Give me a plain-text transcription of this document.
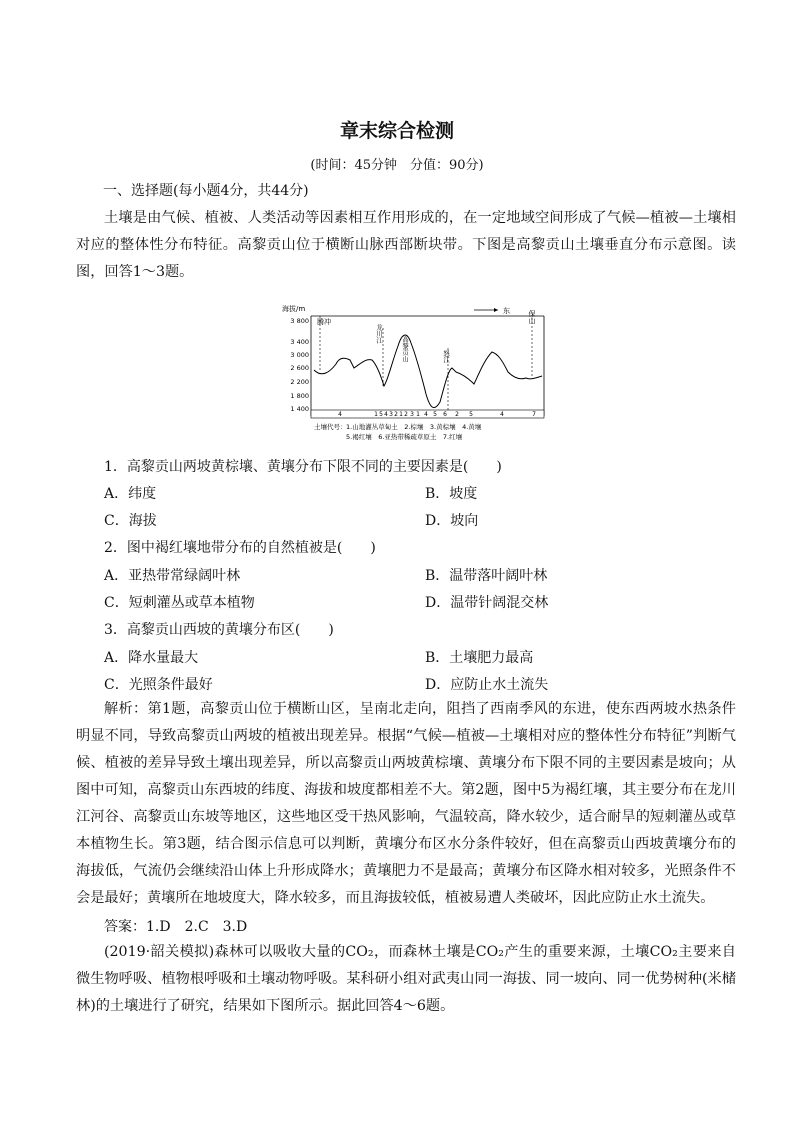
章末综合检测
(时间：45分钟　分值：90分)
一、选择题(每小题4分，共44分)
土壤是由气候、植被、人类活动等因素相互作用形成的，在一定地域空间形成了气候—植被—土壤相对应的整体性分布特征。高黎贡山位于横断山脉西部断块带。下图是高黎贡山土壤垂直分布示意图。读图，回答1～3题。
海拔/m
3 800
3 400
3 000
2 600
2 200
1 800
1 400
东
腾冲
龙川江
高黎贡山	怒江
保山
4	1 5 4 3 2 1 2 3 1 4 5 6 2 5	4	7
土壤代号： 1.山地灌丛草甸土　2.棕壤　3.黄棕壤　4.黄壤
5.褐红壤　6.亚热带稀疏草原土　7.红壤
1．高黎贡山两坡黄棕壤、黄壤分布下限不同的主要因素是(　　)
A．纬度	B．坡度
C．海拔	D．坡向
2．图中褐红壤地带分布的自然植被是(　　)
A．亚热带常绿阔叶林	B．温带落叶阔叶林
C．短刺灌丛或草本植物	D．温带针阔混交林
3．高黎贡山西坡的黄壤分布区(　　)
A．降水量最大	B．土壤肥力最高
C．光照条件最好	D．应防止水土流失
解析：第1题，高黎贡山位于横断山区，呈南北走向，阻挡了西南季风的东进，使东西两坡水热条件明显不同，导致高黎贡山两坡的植被出现差异。根据“气候—植被—土壤相对应的整体性分布特征”判断气候、植被的差异导致土壤出现差异，所以高黎贡山两坡黄棕壤、黄壤分布下限不同的主要因素是坡向；从图中可知，高黎贡山东西坡的纬度、海拔和坡度都相差不大。第2题，图中5为褐红壤，其主要分布在龙川江河谷、高黎贡山东坡等地区，这些地区受干热风影响，气温较高，降水较少，适合耐旱的短刺灌丛或草本植物生长。第3题，结合图示信息可以判断，黄壤分布区水分条件较好，但在高黎贡山西坡黄壤分布的海拔低，气流仍会继续沿山体上升形成降水；黄壤肥力不是最高；黄壤分布区降水相对较多，光照条件不会是最好；黄壤所在地坡度大，降水较多，而且海拔较低，植被易遭人类破坏，因此应防止水土流失。
答案：1.D　2.C　3.D
(2019·韶关模拟)森林可以吸收大量的CO₂，而森林土壤是CO₂产生的重要来源，土壤CO₂主要来自微生物呼吸、植物根呼吸和土壤动物呼吸。某科研小组对武夷山同一海拔、同一坡向、同一优势树种(米槠林)的土壤进行了研究，结果如下图所示。据此回答4～6题。
